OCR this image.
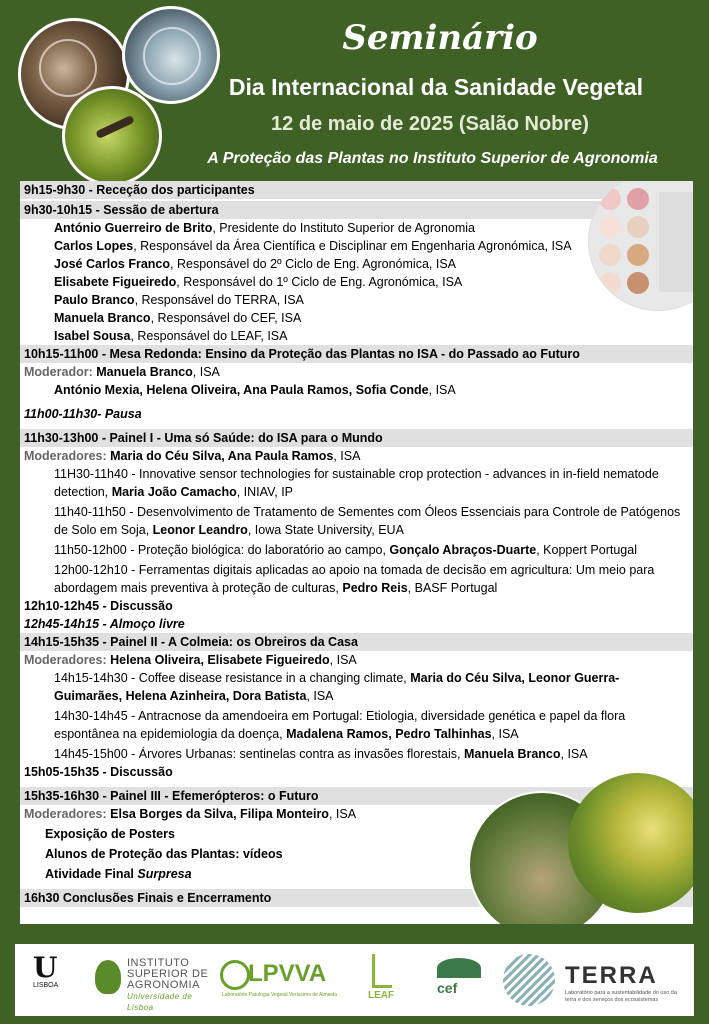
Seminário
Dia Internacional da Sanidade Vegetal
12 de maio de 2025 (Salão Nobre)
A Proteção das Plantas no Instituto Superior de Agronomia
9h15-9h30 - Receção dos participantes
9h30-10h15 - Sessão de abertura
António Guerreiro de Brito, Presidente do Instituto Superior de Agronomia
Carlos Lopes, Responsável da Área Científica e Disciplinar em Engenharia Agronómica, ISA
José Carlos Franco, Responsável do 2º Ciclo de Eng. Agronómica, ISA
Elisabete Figueiredo, Responsável do 1º Ciclo de Eng. Agronómica, ISA
Paulo Branco, Responsável do TERRA, ISA
Manuela Branco, Responsável do CEF, ISA
Isabel Sousa, Responsável do LEAF, ISA
10h15-11h00 - Mesa Redonda: Ensino da Proteção das Plantas no ISA - do Passado ao Futuro
Moderador: Manuela Branco, ISA
António Mexia, Helena Oliveira, Ana Paula Ramos, Sofia Conde, ISA
11h00-11h30- Pausa
11h30-13h00 - Painel I - Uma só Saúde: do ISA para o Mundo
Moderadores: Maria do Céu Silva, Ana Paula Ramos, ISA
11H30-11h40 - Innovative sensor technologies for sustainable crop protection - advances in in-field nematode detection, Maria João Camacho, INIAV, IP
11h40-11h50 - Desenvolvimento de Tratamento de Sementes com Óleos Essenciais para Controle de Patógenos de Solo em Soja, Leonor Leandro, Iowa State University, EUA
11h50-12h00 - Proteção biológica: do laboratório ao campo, Gonçalo Abraços-Duarte, Koppert Portugal
12h00-12h10 - Ferramentas digitais aplicadas ao apoio na tomada de decisão em agricultura: Um meio para abordagem mais preventiva à proteção de culturas, Pedro Reis, BASF Portugal
12h10-12h45 - Discussão
12h45-14h15 - Almoço livre
14h15-15h35 - Painel II - A Colmeia: os Obreiros da Casa
Moderadores: Helena Oliveira, Elisabete Figueiredo, ISA
14h15-14h30 - Coffee disease resistance in a changing climate, Maria do Céu Silva, Leonor Guerra-Guimarães, Helena Azinheira, Dora Batista, ISA
14h30-14h45 - Antracnose da amendoeira em Portugal: Etiologia, diversidade genética e papel da flora espontânea na epidemiologia da doença, Madalena Ramos, Pedro Talhinhas, ISA
14h45-15h00 - Árvores Urbanas: sentinelas contra as invasões florestais, Manuela Branco, ISA
15h05-15h35 - Discussão
15h35-16h30 - Painel III - Efemerópteros: o Futuro
Moderadores: Elsa Borges da Silva, Filipa Monteiro, ISA
Exposição de Posters
Alunos de Proteção das Plantas: vídeos
Atividade Final Surpresa
16h30 Conclusões Finais e Encerramento
U
LISBOA
INSTITUTO
SUPERIOR DE
AGRONOMIA
Universidade de Lisboa
LPVVA
Laboratório Patologia Vegetal Veríssimo de Almeida	LEAF	cef	TERRA
Laboratório para a sustentabilidade do uso da terra e dos serviços dos ecossistemas
